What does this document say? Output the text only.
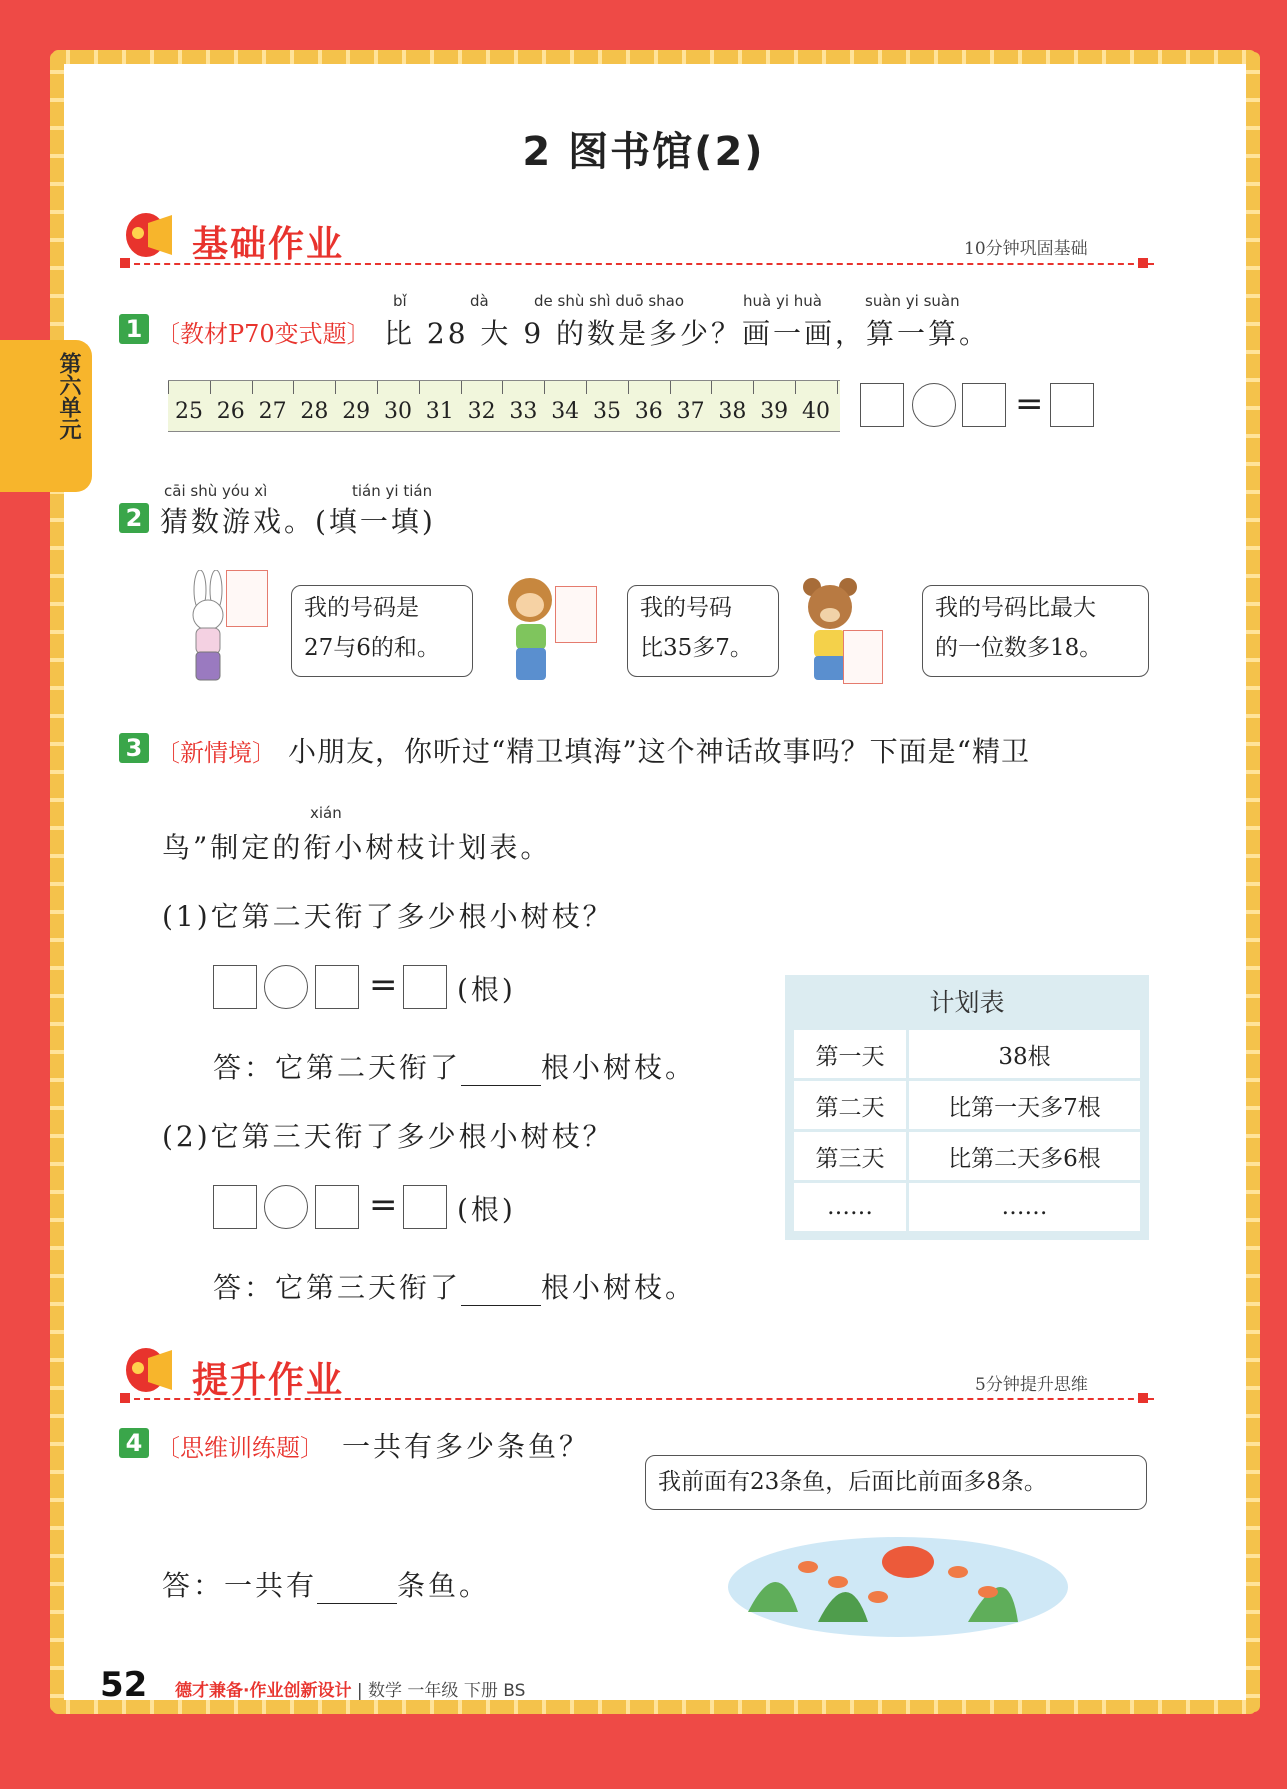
第六单元
2 图书馆(2)
基础作业	10分钟巩固基础
bǐ	dà	de shù shì duō shao	huà yi huà	suàn yi suàn
1 〔教材P70变式题〕 比 28 大 9 的数是多少？画一画，算一算。
25 26 27 28 29 30 31 32 33 34 35 36 37 38 39 40	=
cāi shù yóu xì	tián yi tián
2 猜数游戏。(填一填)
我的号码是
27与6的和。
我的号码
比35多7。
我的号码比最大
的一位数多18。
3 〔新情境〕 小朋友，你听过“精卫填海”这个神话故事吗？下面是“精卫
xián
鸟”制定的衔小树枝计划表。
(1)它第二天衔了多少根小树枝？
= (根)
答：它第二天衔了	根小树枝。
(2)它第三天衔了多少根小树枝？
= (根)
答：它第三天衔了	根小树枝。
计划表
第一天	38根
第二天	比第一天多7根
第三天	比第二天多6根
……	……
提升作业	5分钟提升思维
4 〔思维训练题〕 一共有多少条鱼？
我前面有23条鱼，后面比前面多8条。
答：一共有	条鱼。
52 德才兼备·作业创新设计 | 数学 一年级 下册 BS
